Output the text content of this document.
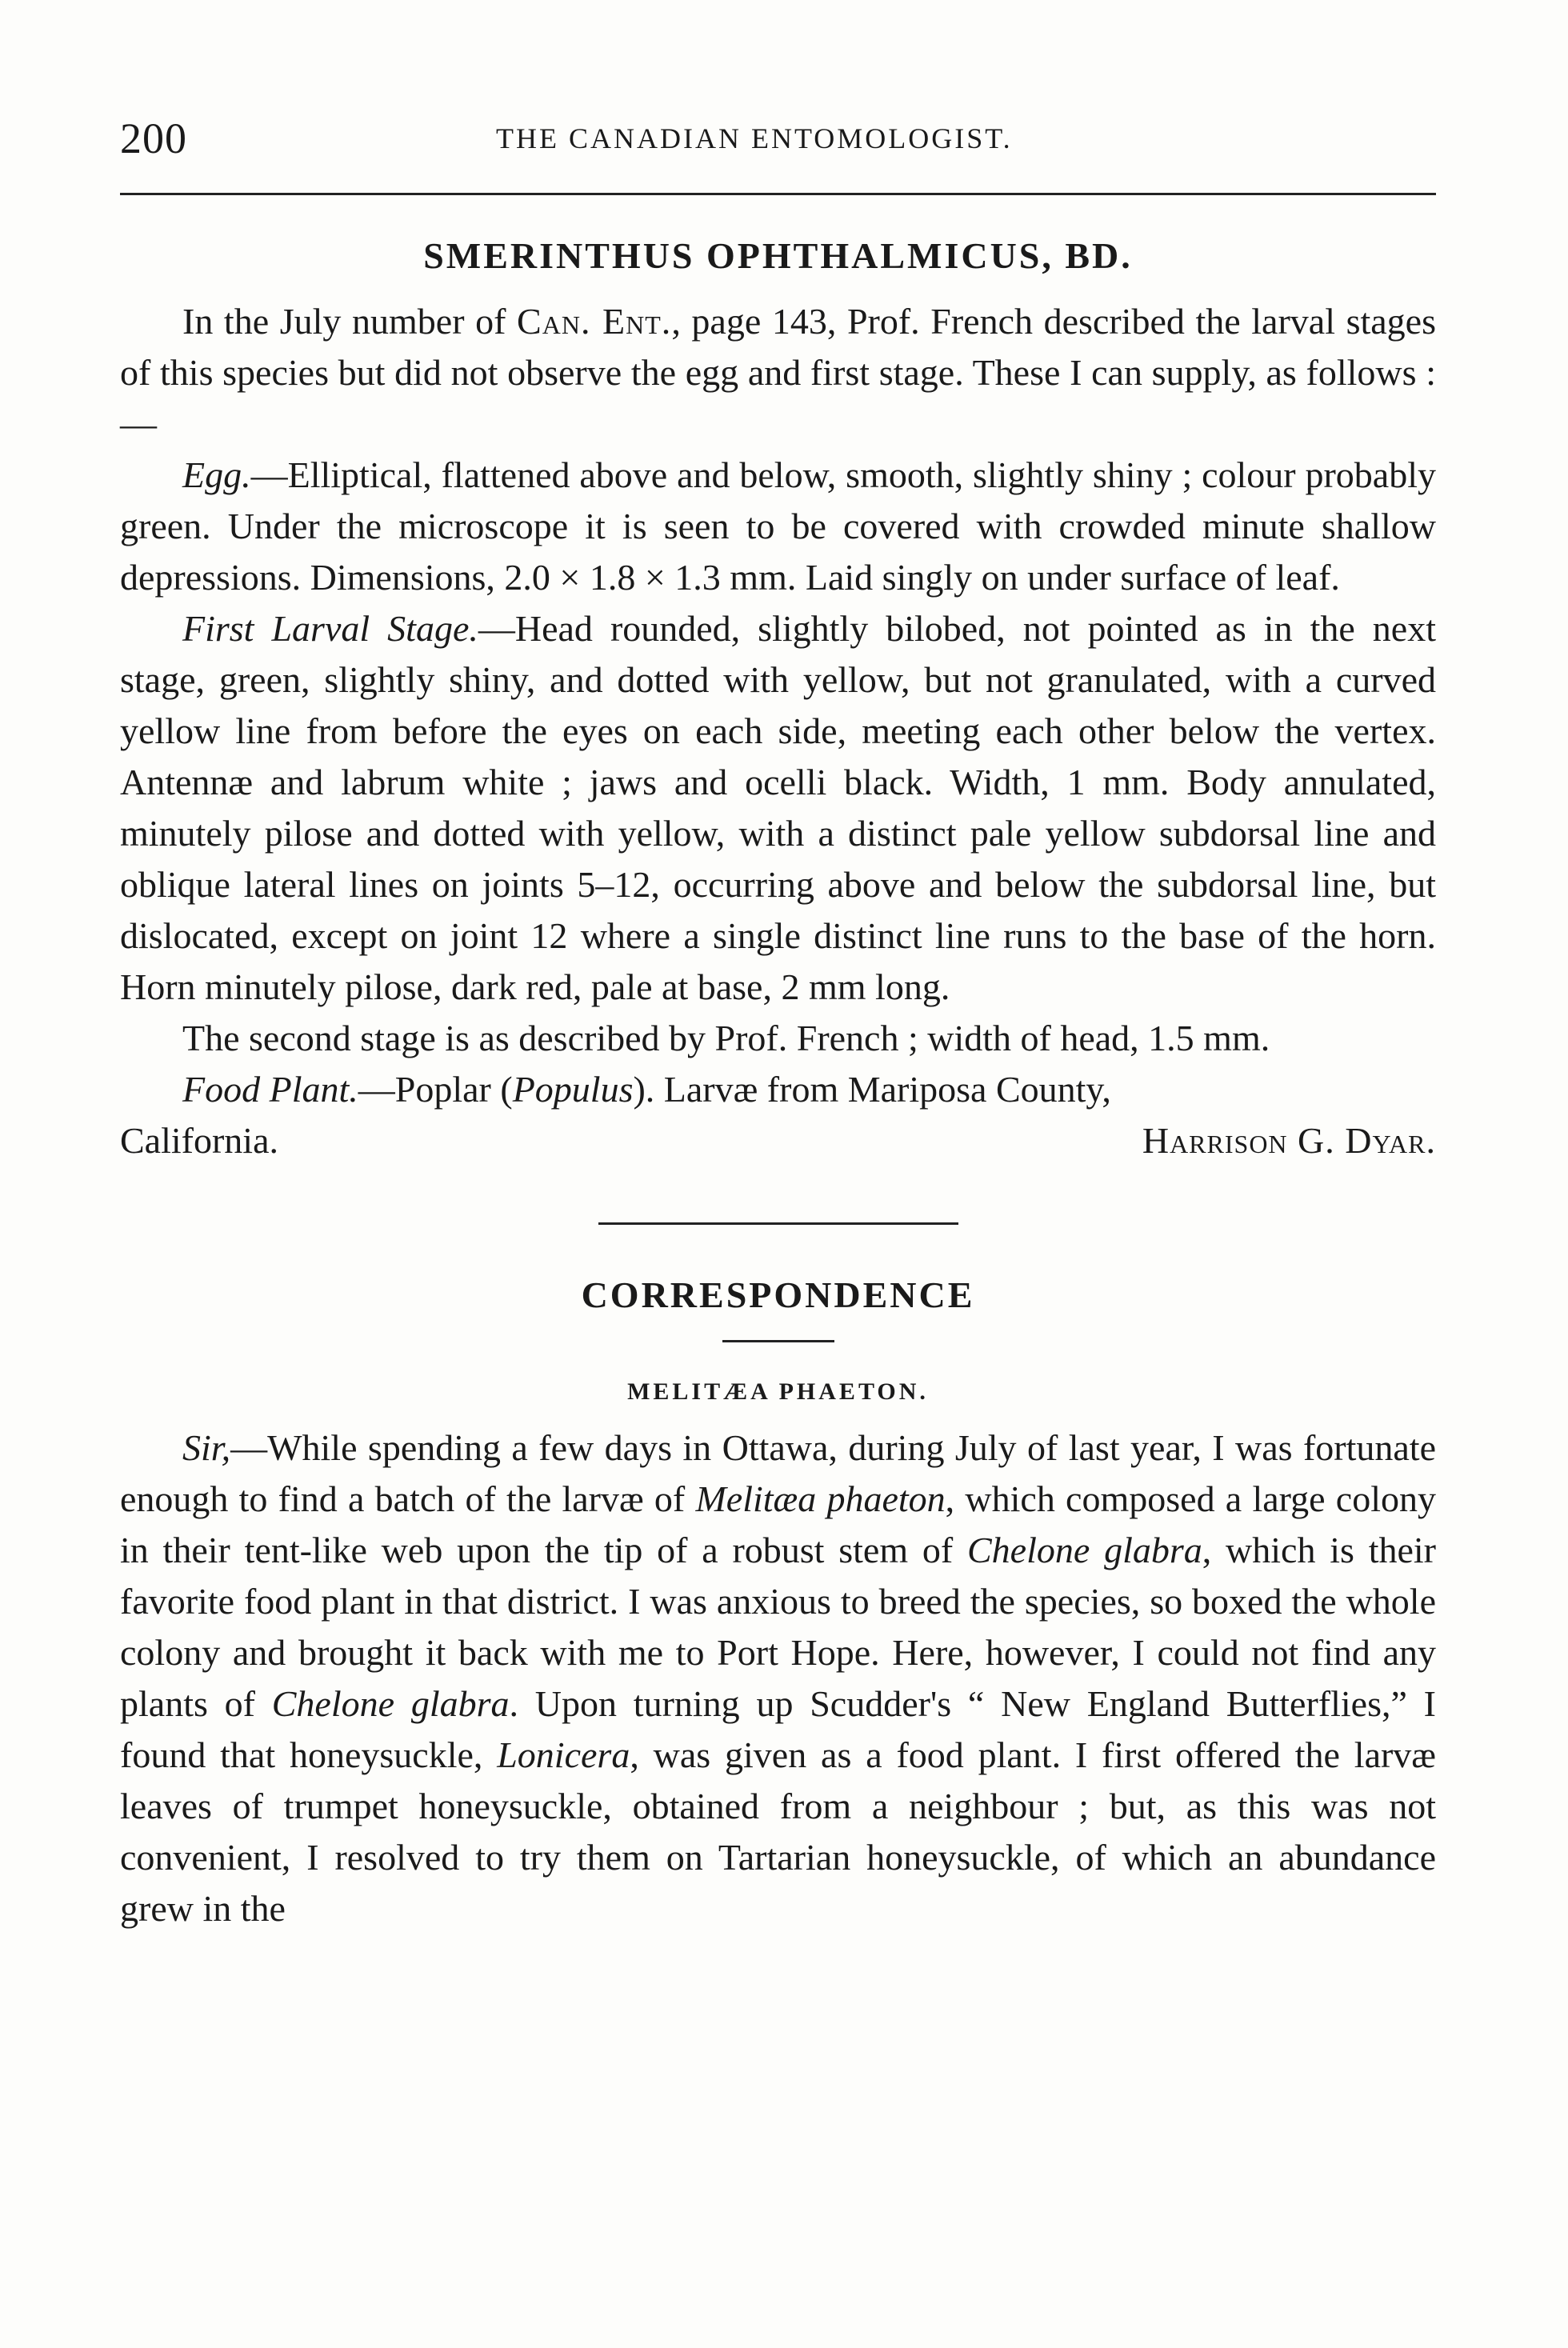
200	THE CANADIAN ENTOMOLOGIST.
SMERINTHUS OPHTHALMICUS, BD.

In the July number of Can. Ent., page 143, Prof. French described the larval stages of this species but did not observe the egg and first stage. These I can supply, as follows :—

Egg.—Elliptical, flattened above and below, smooth, slightly shiny ; colour probably green. Under the microscope it is seen to be covered with crowded minute shallow depressions. Dimensions, 2.0 × 1.8 × 1.3 mm. Laid singly on under surface of leaf.

First Larval Stage.—Head rounded, slightly bilobed, not pointed as in the next stage, green, slightly shiny, and dotted with yellow, but not granulated, with a curved yellow line from before the eyes on each side, meeting each other below the vertex. Antennæ and labrum white ; jaws and ocelli black. Width, 1 mm. Body annulated, minutely pilose and dotted with yellow, with a distinct pale yellow subdorsal line and oblique lateral lines on joints 5–12, occurring above and below the subdorsal line, but dislocated, except on joint 12 where a single distinct line runs to the base of the horn. Horn minutely pilose, dark red, pale at base, 2 mm long.

The second stage is as described by Prof. French ; width of head, 1.5 mm.

Food Plant.—Poplar (Populus). Larvæ from Mariposa County,

California.	Harrison G. Dyar.
CORRESPONDENCE
MELITÆA PHAETON.

Sir,—While spending a few days in Ottawa, during July of last year, I was fortunate enough to find a batch of the larvæ of Melitæa phaeton, which composed a large colony in their tent-like web upon the tip of a robust stem of Chelone glabra, which is their favorite food plant in that district. I was anxious to breed the species, so boxed the whole colony and brought it back with me to Port Hope. Here, however, I could not find any plants of Chelone glabra. Upon turning up Scudder's “ New England Butterflies,” I found that honeysuckle, Lonicera, was given as a food plant. I first offered the larvæ leaves of trumpet honeysuckle, obtained from a neighbour ; but, as this was not convenient, I resolved to try them on Tartarian honeysuckle, of which an abundance grew in the
